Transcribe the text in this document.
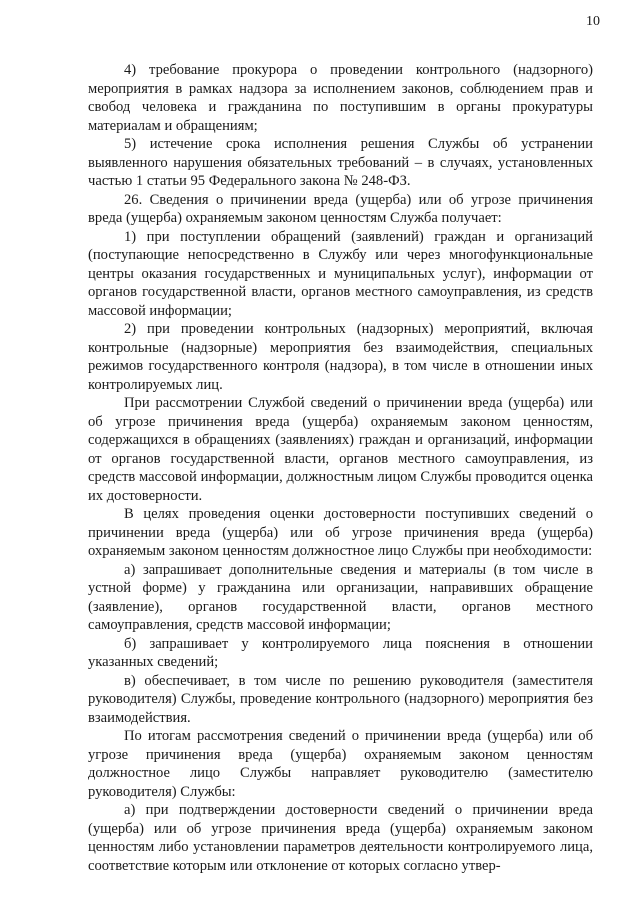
10

4) требование прокурора о проведении контрольного (надзорного) мероприятия в рамках надзора за исполнением законов, соблюдением прав и свобод человека и гражданина по поступившим в органы прокуратуры материалам и обращениям;

5) истечение срока исполнения решения Службы об устранении выявленного нарушения обязательных требований – в случаях, установленных частью 1 статьи 95 Федерального закона № 248-ФЗ.

26. Сведения о причинении вреда (ущерба) или об угрозе причинения вреда (ущерба) охраняемым законом ценностям Служба получает:

1) при поступлении обращений (заявлений) граждан и организаций (поступающие непосредственно в Службу или через многофункциональные центры оказания государственных и муниципальных услуг), информации от органов государственной власти, органов местного самоуправления, из средств массовой информации;

2) при проведении контрольных (надзорных) мероприятий, включая контрольные (надзорные) мероприятия без взаимодействия, специальных режимов государственного контроля (надзора), в том числе в отношении иных контролируемых лиц.

При рассмотрении Службой сведений о причинении вреда (ущерба) или об угрозе причинения вреда (ущерба) охраняемым законом ценностям, содержащихся в обращениях (заявлениях) граждан и организаций, информации от органов государственной власти, органов местного самоуправления, из средств массовой информации, должностным лицом Службы проводится оценка их достоверности.

В целях проведения оценки достоверности поступивших сведений о причинении вреда (ущерба) или об угрозе причинения вреда (ущерба) охраняемым законом ценностям должностное лицо Службы при необходимости:

а) запрашивает дополнительные сведения и материалы (в том числе в устной форме) у гражданина или организации, направивших обращение (заявление), органов государственной власти, органов местного самоуправления, средств массовой информации;

б) запрашивает у контролируемого лица пояснения в отношении указанных сведений;

в) обеспечивает, в том числе по решению руководителя (заместителя руководителя) Службы, проведение контрольного (надзорного) мероприятия без взаимодействия.

По итогам рассмотрения сведений о причинении вреда (ущерба) или об угрозе причинения вреда (ущерба) охраняемым законом ценностям должностное лицо Службы направляет руководителю (заместителю руководителя) Службы:

а) при подтверждении достоверности сведений о причинении вреда (ущерба) или об угрозе причинения вреда (ущерба) охраняемым законом ценностям либо установлении параметров деятельности контролируемого лица, соответствие которым или отклонение от которых согласно утвер-
